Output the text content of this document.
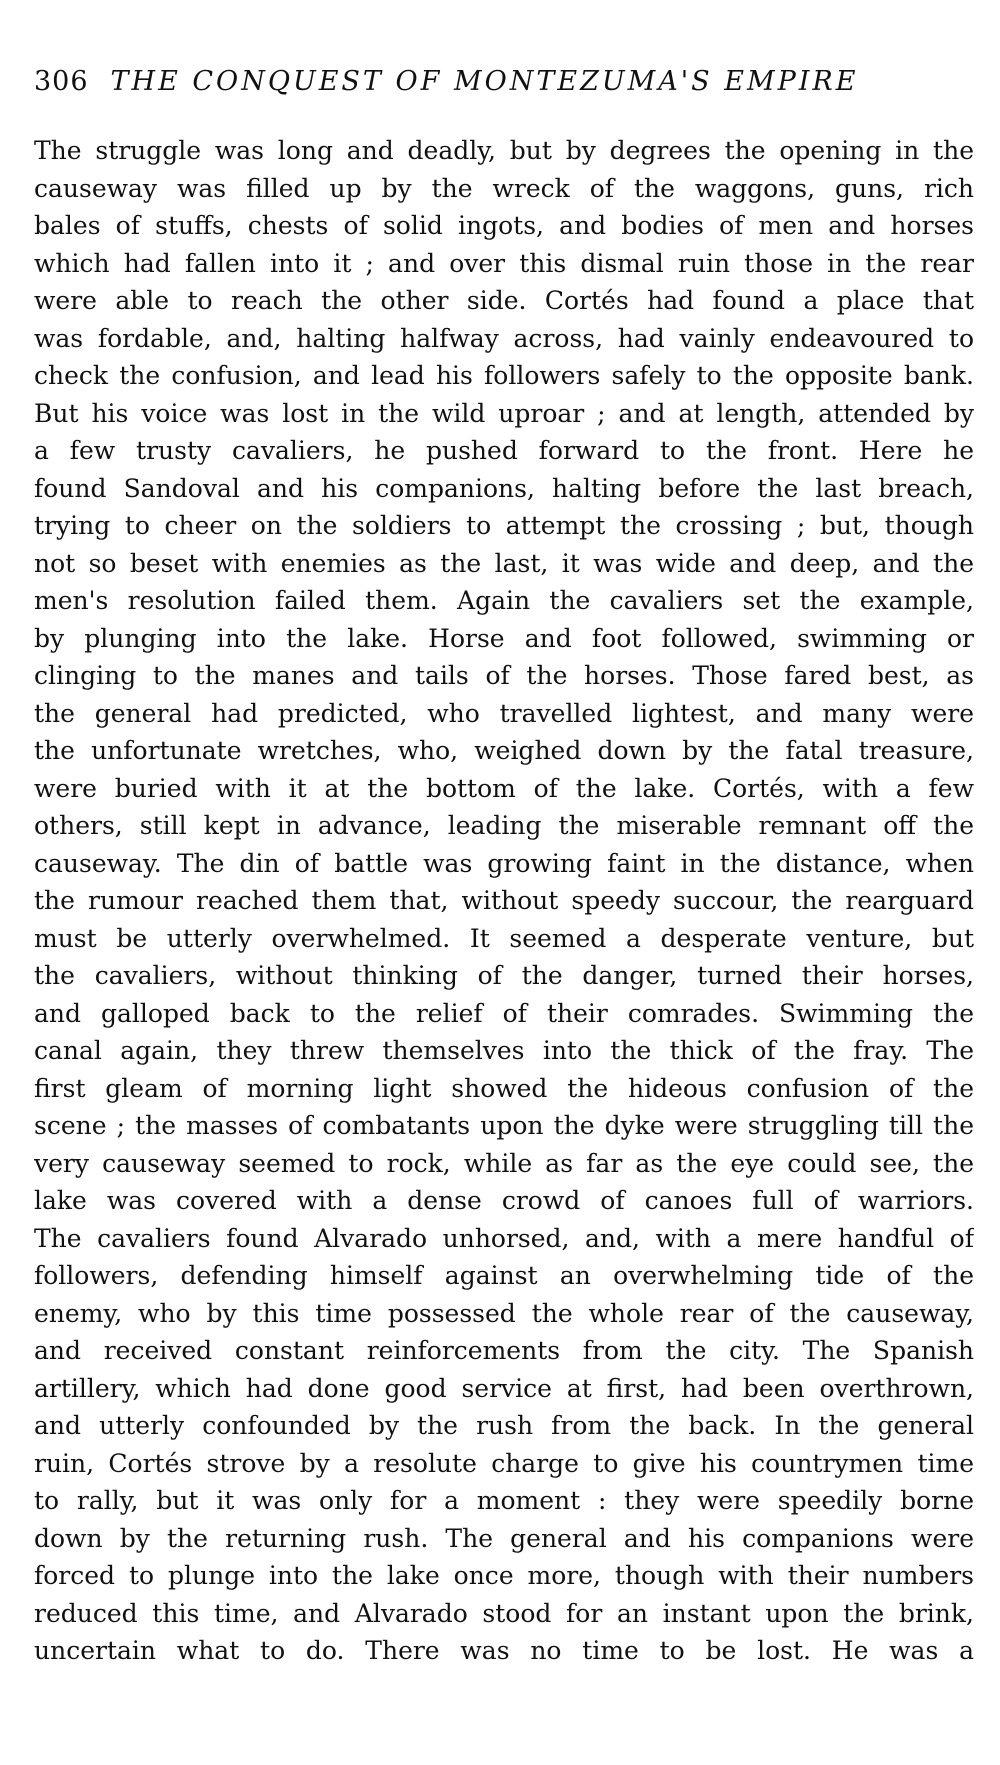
306 THE CONQUEST OF MONTEZUMA'S EMPIRE
The struggle was long and deadly, but by degrees the opening in the
causeway was filled up by the wreck of the waggons, guns, rich
bales of stuffs, chests of solid ingots, and bodies of men and horses
which had fallen into it ; and over this dismal ruin those in the rear
were able to reach the other side. Cortés had found a place that
was fordable, and, halting halfway across, had vainly endeavoured to
check the confusion, and lead his followers safely to the opposite bank.
But his voice was lost in the wild uproar ; and at length, attended by
a few trusty cavaliers, he pushed forward to the front. Here he
found Sandoval and his companions, halting before the last breach,
trying to cheer on the soldiers to attempt the crossing ; but, though
not so beset with enemies as the last, it was wide and deep, and the
men's resolution failed them. Again the cavaliers set the example,
by plunging into the lake. Horse and foot followed, swimming or
clinging to the manes and tails of the horses. Those fared best, as
the general had predicted, who travelled lightest, and many were
the unfortunate wretches, who, weighed down by the fatal treasure,
were buried with it at the bottom of the lake. Cortés, with a few
others, still kept in advance, leading the miserable remnant off the
causeway. The din of battle was growing faint in the distance, when
the rumour reached them that, without speedy succour, the rearguard
must be utterly overwhelmed. It seemed a desperate venture, but
the cavaliers, without thinking of the danger, turned their horses,
and galloped back to the relief of their comrades. Swimming the
canal again, they threw themselves into the thick of the fray. The
first gleam of morning light showed the hideous confusion of the
scene ; the masses of combatants upon the dyke were struggling till the
very causeway seemed to rock, while as far as the eye could see, the
lake was covered with a dense crowd of canoes full of warriors.
The cavaliers found Alvarado unhorsed, and, with a mere handful of
followers, defending himself against an overwhelming tide of the
enemy, who by this time possessed the whole rear of the causeway,
and received constant reinforcements from the city. The Spanish
artillery, which had done good service at first, had been overthrown,
and utterly confounded by the rush from the back. In the general
ruin, Cortés strove by a resolute charge to give his countrymen time
to rally, but it was only for a moment : they were speedily borne
down by the returning rush. The general and his companions were
forced to plunge into the lake once more, though with their numbers
reduced this time, and Alvarado stood for an instant upon the brink,
uncertain what to do. There was no time to be lost. He was a
